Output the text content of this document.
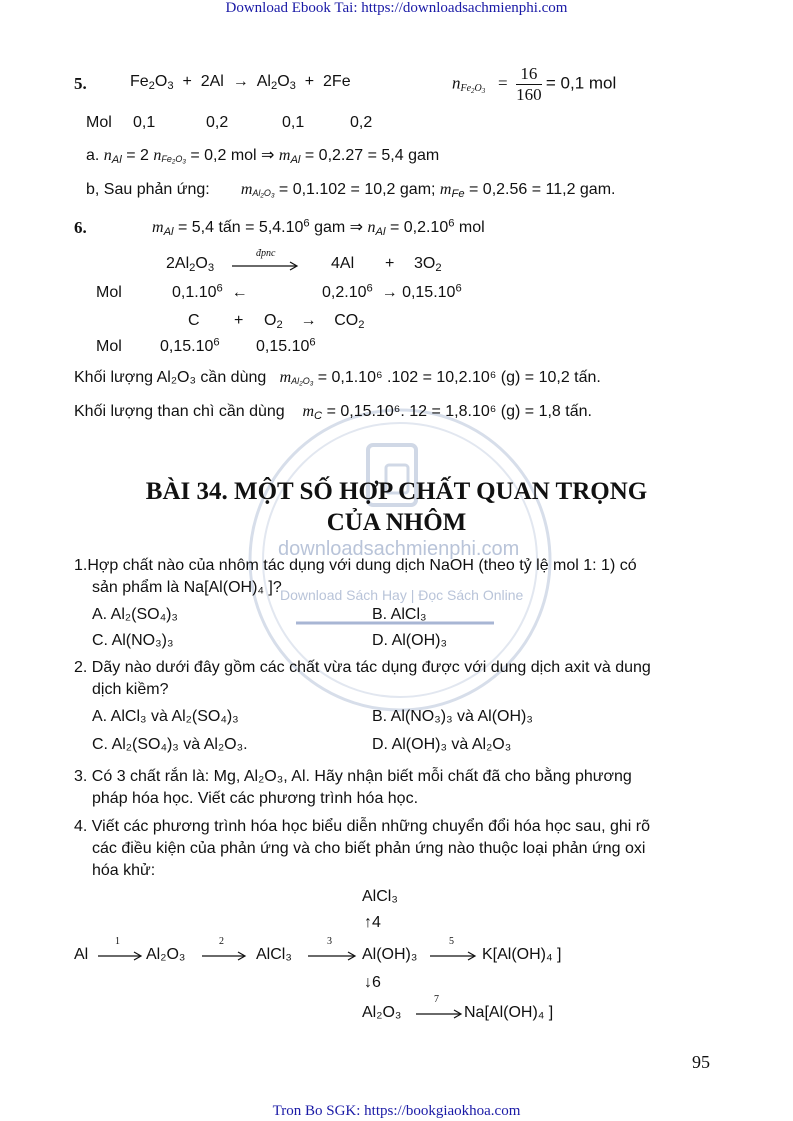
Download Ebook Tai: https://downloadsachmienphi.com
downloadsachmienphi.com
Download Sách Hay | Đọc Sách Online
5.	$Fe_2O_3 + 2Al \to Al_2O_3 + 2Fe$	$n_{Fe_2O_3} = \frac{16}{160} = 0,1$ mol
Mol 0,1	0,2	0,1	0,2
a. $n_{Al} = 2$ $n_{Fe_2O_3} = 0,2$ mol ⇒ $m_{Al} = 0,2.27 = 5,4$ gam
b, Sau phản ứng: $m_{Al_2O_3} = 0,1.102 = 10,2$ gam; $m_{Fe} = 0,2.56 = 11,2$ gam.
6.	$m_{Al} = 5,4$ tấn = $5,4.10^6$ gam ⇒ $n_{Al} = 0,2.10^6$ mol
$2Al_2O_3$
đpnc
$4Al + 3O_2$
Mol	0,1.10$^6$  ←	$0,2.10^6 \to 0,15.10^6$
$C + O_2$    →    $CO_2$
Mol 0,15.10$^6$ 0,15.10$^6$
Khối lượng Al₂O₃ cần dùng $m_{Al_2O_3} = 0,1.10^6$ .102 = 10,2.10⁶ (g) = 10,2 tấn.
Khối lượng than chì cần dùng $m_C = 0,15.10^6$. 12 = 1,8.10⁶ (g) = 1,8 tấn.
BÀI 34. MỘT SỐ HỢP CHẤT QUAN TRỌNG
CỦA NHÔM
1.Hợp chất nào của nhôm tác dụng với dung dịch NaOH (theo tỷ lệ mol 1: 1) có
sản phẩm là Na[Al(OH)₄ ]?
A. Al₂(SO₄)₃	B. AlCl₃
C. Al(NO₃)₃	D. Al(OH)₃
2. Dãy nào dưới đây gồm các chất vừa tác dụng được với dung dịch axit và dung
dịch kiềm?
A. AlCl₃ và Al₂(SO₄)₃	B. Al(NO₃)₃ và Al(OH)₃
C. Al₂(SO₄)₃ và Al₂O₃.	D. Al(OH)₃ và Al₂O₃
3. Có 3 chất rắn là: Mg, Al₂O₃, Al. Hãy nhận biết mỗi chất đã cho bằng phương
pháp hóa học. Viết các phương trình hóa học.
4. Viết các phương trình hóa học biểu diễn những chuyển đổi hóa học sau, ghi rõ
các điều kiện của phản ứng và cho biết phản ứng nào thuộc loại phản ứng oxi
hóa khử:
AlCl₃
↑4
Al
1
Al₂O₃
2
AlCl₃
3
Al(OH)₃
5
K[Al(OH)₄ ]
↓6
Al₂O₃
7
Na[Al(OH)₄ ]
95
Tron Bo SGK: https://bookgiaokhoa.com
